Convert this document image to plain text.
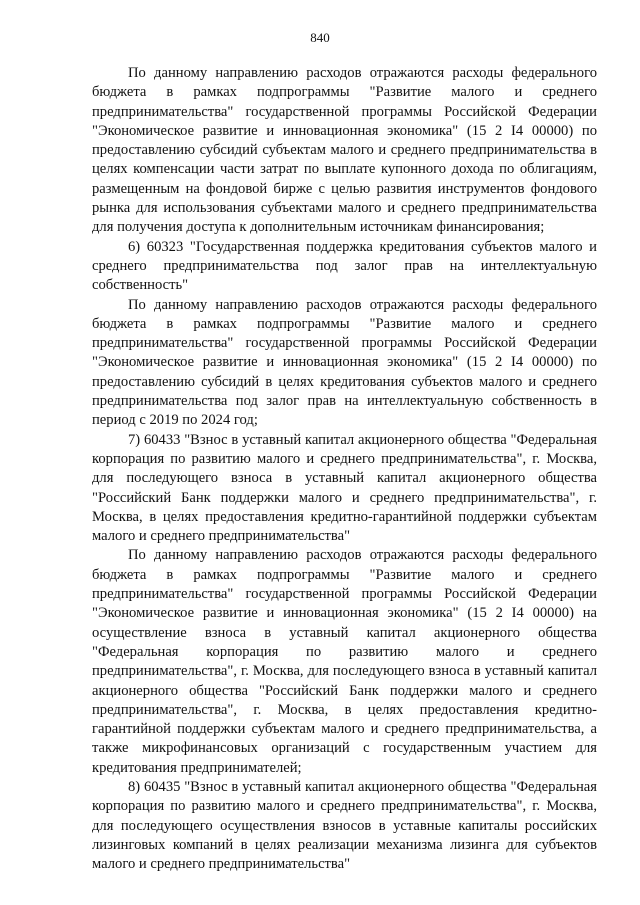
840

По данному направлению расходов отражаются расходы федерального бюджета в рамках подпрограммы "Развитие малого и среднего предпринимательства" государственной программы Российской Федерации "Экономическое развитие и инновационная экономика" (15 2 I4 00000) по предоставлению субсидий субъектам малого и среднего предпринимательства в целях компенсации части затрат по выплате купонного дохода по облигациям, размещенным на фондовой бирже с целью развития инструментов фондового рынка для использования субъектами малого и среднего предпринимательства для получения доступа к дополнительным источникам финансирования;

6) 60323 "Государственная поддержка кредитования субъектов малого и среднего предпринимательства под залог прав на интеллектуальную собственность"

По данному направлению расходов отражаются расходы федерального бюджета в рамках подпрограммы "Развитие малого и среднего предпринимательства" государственной программы Российской Федерации "Экономическое развитие и инновационная экономика" (15 2 I4 00000) по предоставлению субсидий в целях кредитования субъектов малого и среднего предпринимательства под залог прав на интеллектуальную собственность в период с 2019 по 2024 год;

7) 60433 "Взнос в уставный капитал акционерного общества "Федеральная корпорация по развитию малого и среднего предпринимательства", г. Москва, для последующего взноса в уставный капитал акционерного общества "Российский Банк поддержки малого и среднего предпринимательства", г. Москва, в целях предоставления кредитно-гарантийной поддержки субъектам малого и среднего предпринимательства"

По данному направлению расходов отражаются расходы федерального бюджета в рамках подпрограммы "Развитие малого и среднего предпринимательства" государственной программы Российской Федерации "Экономическое развитие и инновационная экономика" (15 2 I4 00000) на осуществление взноса в уставный капитал акционерного общества "Федеральная корпорация по развитию малого и среднего предпринимательства", г. Москва, для последующего взноса в уставный капитал акционерного общества "Российский Банк поддержки малого и среднего предпринимательства", г. Москва, в целях предоставления кредитно-гарантийной поддержки субъектам малого и среднего предпринимательства, а также микрофинансовых организаций с государственным участием для кредитования предпринимателей;

8) 60435 "Взнос в уставный капитал акционерного общества "Федеральная корпорация по развитию малого и среднего предпринимательства", г. Москва, для последующего осуществления взносов в уставные капиталы российских лизинговых компаний в целях реализации механизма лизинга для субъектов малого и среднего предпринимательства"
